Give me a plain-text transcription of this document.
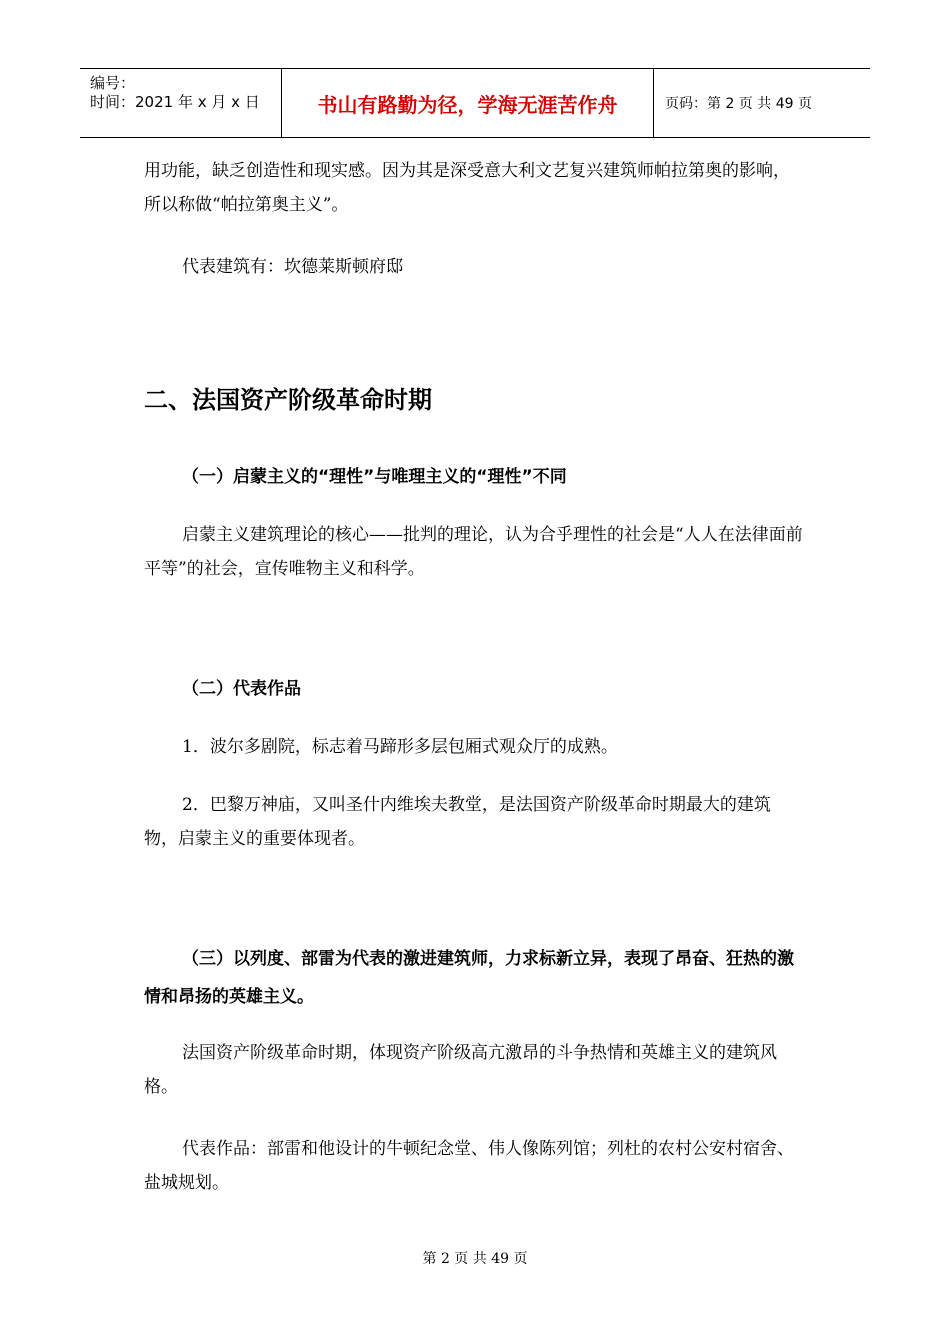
编号：
时间：2021 年 x 月 x 日	书山有路勤为径，学海无涯苦作舟	页码：第 2 页 共 49 页

用功能，缺乏创造性和现实感。因为其是深受意大利文艺复兴建筑师帕拉第奥的影响，所以称做“帕拉第奥主义”。

代表建筑有：坎德莱斯顿府邸

二、法国资产阶级革命时期
（一）启蒙主义的“理性”与唯理主义的“理性”不同

启蒙主义建筑理论的核心——批判的理论，认为合乎理性的社会是“人人在法律面前平等”的社会，宣传唯物主义和科学。

（二）代表作品

1．波尔多剧院，标志着马蹄形多层包厢式观众厅的成熟。

2．巴黎万神庙，又叫圣什内维埃夫教堂，是法国资产阶级革命时期最大的建筑物，启蒙主义的重要体现者。

（三）以列度、部雷为代表的激进建筑师，力求标新立异，表现了昂奋、狂热的激情和昂扬的英雄主义。

法国资产阶级革命时期，体现资产阶级高亢激昂的斗争热情和英雄主义的建筑风格。

代表作品：部雷和他设计的牛顿纪念堂、伟人像陈列馆；列杜的农村公安村宿舍、盐城规划。

第 2 页 共 49 页
